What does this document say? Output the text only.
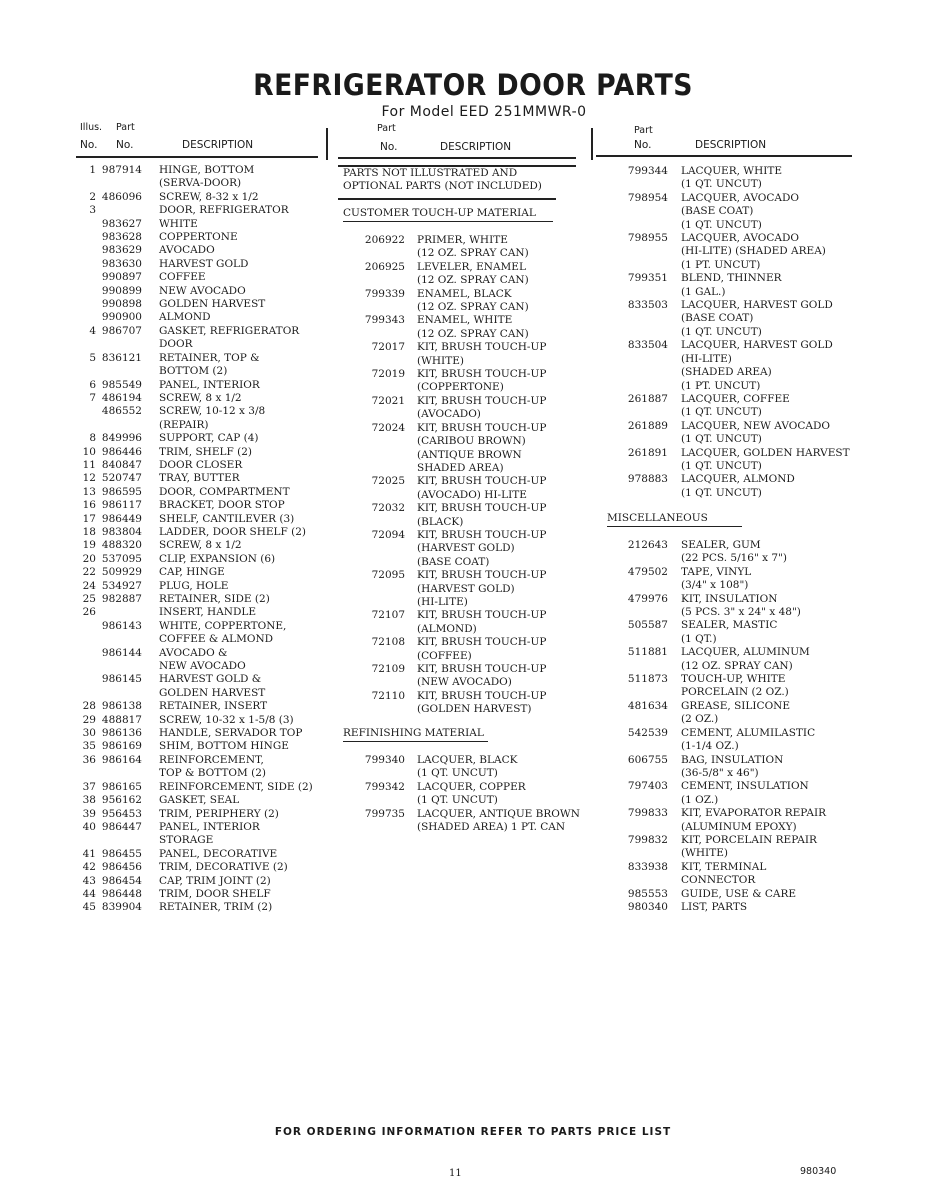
REFRIGERATOR DOOR PARTS
For Model EED 251MMWR-0
Illus. Part
No. No.	DESCRIPTION
Part
No.	DESCRIPTION
Part
No.	DESCRIPTION
1 987914 HINGE, BOTTOM
(SERVA-DOOR)
2 486096 SCREW, 8-32 x 1/2
3	DOOR, REFRIGERATOR
983627 WHITE
983628 COPPERTONE
983629 AVOCADO
983630 HARVEST GOLD
990897 COFFEE
990899 NEW AVOCADO
990898 GOLDEN HARVEST
990900 ALMOND
4 986707 GASKET, REFRIGERATOR
DOOR
5 836121 RETAINER, TOP &
BOTTOM (2)
6 985549 PANEL, INTERIOR
7 486194 SCREW, 8 x 1/2
486552 SCREW, 10-12 x 3/8
(REPAIR)
8 849996 SUPPORT, CAP (4)
10 986446 TRIM, SHELF (2)
11 840847 DOOR CLOSER
12 520747 TRAY, BUTTER
13 986595 DOOR, COMPARTMENT
16 986117 BRACKET, DOOR STOP
17 986449 SHELF, CANTILEVER (3)
18 983804 LADDER, DOOR SHELF (2)
19 488320 SCREW, 8 x 1/2
20 537095 CLIP, EXPANSION (6)
22 509929 CAP, HINGE
24 534927 PLUG, HOLE
25 982887 RETAINER, SIDE (2)
26	INSERT, HANDLE
986143 WHITE, COPPERTONE,
COFFEE & ALMOND
986144 AVOCADO &
NEW AVOCADO
986145 HARVEST GOLD &
GOLDEN HARVEST
28 986138 RETAINER, INSERT
29 488817 SCREW, 10-32 x 1-5/8 (3)
30 986136 HANDLE, SERVADOR TOP
35 986169 SHIM, BOTTOM HINGE
36 986164 REINFORCEMENT,
TOP & BOTTOM (2)
37 986165 REINFORCEMENT, SIDE (2)
38 956162 GASKET, SEAL
39 956453 TRIM, PERIPHERY (2)
40 986447 PANEL, INTERIOR
STORAGE
41 986455 PANEL, DECORATIVE
42 986456 TRIM, DECORATIVE (2)
43 986454 CAP, TRIM JOINT (2)
44 986448 TRIM, DOOR SHELF
45 839904 RETAINER, TRIM (2)
PARTS NOT ILLUSTRATED AND
OPTIONAL PARTS (NOT INCLUDED)
CUSTOMER TOUCH-UP MATERIAL
206922 PRIMER, WHITE
(12 OZ. SPRAY CAN)
206925 LEVELER, ENAMEL
(12 OZ. SPRAY CAN)
799339 ENAMEL, BLACK
(12 OZ. SPRAY CAN)
799343 ENAMEL, WHITE
(12 OZ. SPRAY CAN)
72017 KIT, BRUSH TOUCH-UP
(WHITE)
72019 KIT, BRUSH TOUCH-UP
(COPPERTONE)
72021 KIT, BRUSH TOUCH-UP
(AVOCADO)
72024 KIT, BRUSH TOUCH-UP
(CARIBOU BROWN)
(ANTIQUE BROWN
SHADED AREA)
72025 KIT, BRUSH TOUCH-UP
(AVOCADO) HI-LITE
72032 KIT, BRUSH TOUCH-UP
(BLACK)
72094 KIT, BRUSH TOUCH-UP
(HARVEST GOLD)
(BASE COAT)
72095 KIT, BRUSH TOUCH-UP
(HARVEST GOLD)
(HI-LITE)
72107 KIT, BRUSH TOUCH-UP
(ALMOND)
72108 KIT, BRUSH TOUCH-UP
(COFFEE)
72109 KIT, BRUSH TOUCH-UP
(NEW AVOCADO)
72110 KIT, BRUSH TOUCH-UP
(GOLDEN HARVEST)
REFINISHING MATERIAL
799340 LACQUER, BLACK
(1 QT. UNCUT)
799342 LACQUER, COPPER
(1 QT. UNCUT)
799735 LACQUER, ANTIQUE BROWN
(SHADED AREA) 1 PT. CAN
799344 LACQUER, WHITE
(1 QT. UNCUT)
798954 LACQUER, AVOCADO
(BASE COAT)
(1 QT. UNCUT)
798955 LACQUER, AVOCADO
(HI-LITE) (SHADED AREA)
(1 PT. UNCUT)
799351 BLEND, THINNER
(1 GAL.)
833503 LACQUER, HARVEST GOLD
(BASE COAT)
(1 QT. UNCUT)
833504 LACQUER, HARVEST GOLD
(HI-LITE)
(SHADED AREA)
(1 PT. UNCUT)
261887 LACQUER, COFFEE
(1 QT. UNCUT)
261889 LACQUER, NEW AVOCADO
(1 QT. UNCUT)
261891 LACQUER, GOLDEN HARVEST
(1 QT. UNCUT)
978883 LACQUER, ALMOND
(1 QT. UNCUT)
MISCELLANEOUS
212643 SEALER, GUM
(22 PCS. 5/16" x 7")
479502 TAPE, VINYL
(3/4" x 108")
479976 KIT, INSULATION
(5 PCS. 3" x 24" x 48")
505587 SEALER, MASTIC
(1 QT.)
511881 LACQUER, ALUMINUM
(12 OZ. SPRAY CAN)
511873 TOUCH-UP, WHITE
PORCELAIN (2 OZ.)
481634 GREASE, SILICONE
(2 OZ.)
542539 CEMENT, ALUMILASTIC
(1-1/4 OZ.)
606755 BAG, INSULATION
(36-5/8" x 46")
797403 CEMENT, INSULATION
(1 OZ.)
799833 KIT, EVAPORATOR REPAIR
(ALUMINUM EPOXY)
799832 KIT, PORCELAIN REPAIR
(WHITE)
833938 KIT, TERMINAL
CONNECTOR
985553 GUIDE, USE & CARE
980340 LIST, PARTS
FOR ORDERING INFORMATION REFER TO PARTS PRICE LIST
11	980340
